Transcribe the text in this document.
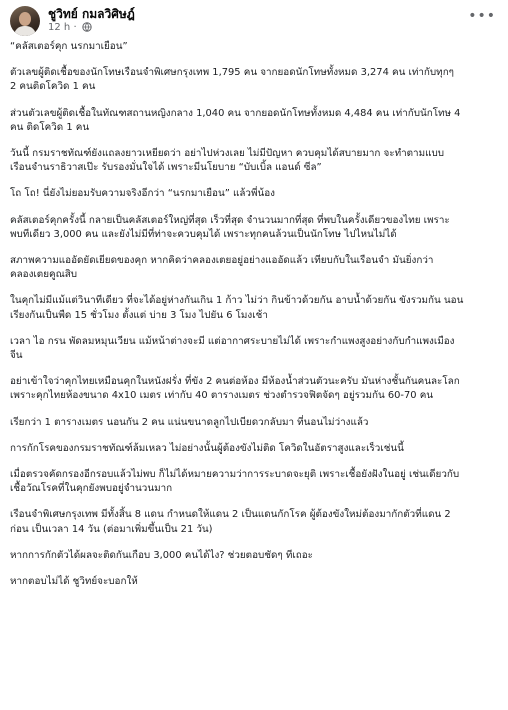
ชูวิทย์ กมลวิศิษฎ์
12 h ·
•••

“คลัสเตอร์คุก นรกมาเยือน”

ตัวเลขผู้ติดเชื้อของนักโทษเรือนจำพิเศษกรุงเทพ 1,795 คน จากยอดนักโทษทั้งหมด 3,274 คน เท่ากับทุกๆ
2 คนติดโควิด 1 คน

ส่วนตัวเลขผู้ติดเชื้อในทัณฑสถานหญิงกลาง 1,040 คน จากยอดนักโทษทั้งหมด 4,484 คน เท่ากับนักโทษ 4
คน ติดโควิด 1 คน

วันนี้ กรมราชทัณฑ์ยังแถลงยาวเหยียดว่า อย่าไปห่วงเลย ไม่มีปัญหา ควบคุมได้สบายมาก จะทำตามแบบ
เรือนจำนราธิวาสเป๊ะ รับรองมั่นใจได้ เพราะมีนโยบาย “บับเบิ้ล แอนด์ ซีล”

โถ โถ! นี่ยังไม่ยอมรับความจริงอีกว่า “นรกมาเยือน” แล้วพี่น้อง

คลัสเตอร์คุกครั้งนี้ กลายเป็นคลัสเตอร์ใหญ่ที่สุด เร็วที่สุด จำนวนมากที่สุด ที่พบในครั้งเดียวของไทย เพราะ
พบทีเดียว 3,000 คน และยังไม่มีที่ท่าจะควบคุมได้ เพราะทุกคนล้วนเป็นนักโทษ ไปไหนไม่ได้

สภาพความแออัดยัดเยียดของคุก หากคิดว่าคลองเตยอยู่อย่างแออัดแล้ว เทียบกับในเรือนจำ มันยิ่งกว่า
คลองเตยคูณสิบ

ในคุกไม่มีแม้แต่วินาทีเดียว ที่จะได้อยู่ห่างกันเกิน 1 ก้าว ไม่ว่า กินข้าวด้วยกัน อาบน้ำด้วยกัน ขังรวมกัน นอน
เรียงกันเป็นพืด 15 ชั่วโมง ตั้งแต่ บ่าย 3 โมง ไปยัน 6 โมงเช้า

เวลา ไอ กรน พัดลมหมุนเวียน แม้หน้าต่างจะมี แต่อากาศระบายไม่ได้ เพราะกำแพงสูงอย่างกับกำแพงเมือง
จีน

อย่าเข้าใจว่าคุกไทยเหมือนคุกในหนังฝรั่ง ที่ขัง 2 คนต่อห้อง มีห้องน้ำส่วนตัวนะครับ มันห่างชั้นกันคนละโลก
เพราะคุกไทยห้องขนาด 4x10 เมตร เท่ากับ 40 ตารางเมตร ช่วงตำรวจฟิตจัดๆ อยู่รวมกัน 60-70 คน

เรียกว่า 1 ตารางเมตร นอนกัน 2 คน แน่นขนาดลูกไปเบียดวกลับมา ที่นอนไม่ว่างแล้ว

การกักโรคของกรมราชทัณฑ์ล้มเหลว ไม่อย่างนั้นผู้ต้องขังไม่ติด โควิดในอัตราสูงและเร็วเช่นนี้

เมื่อตรวจคัดกรองอีกรอบแล้วไม่พบ ก็ไม่ได้หมายความว่าการระบาดจะยุติ เพราะเชื้อยังฝังในอยู่ เช่นเดียวกับ
เชื้อวัณโรคที่ในคุกยังพบอยู่จำนวนมาก

เรือนจำพิเศษกรุงเทพ มีทั้งสิ้น 8 แดน กำหนดให้แดน 2 เป็นแดนกักโรค ผู้ต้องขังใหม่ต้องมากักตัวที่แดน 2
ก่อน เป็นเวลา 14 วัน (ต่อมาเพิ่มขึ้นเป็น 21 วัน)

หากการกักตัวได้ผลจะติดกันเกือบ 3,000 คนได้ไง? ช่วยตอบชัดๆ ทีเถอะ

หากตอบไม่ได้ ชูวิทย์จะบอกให้
